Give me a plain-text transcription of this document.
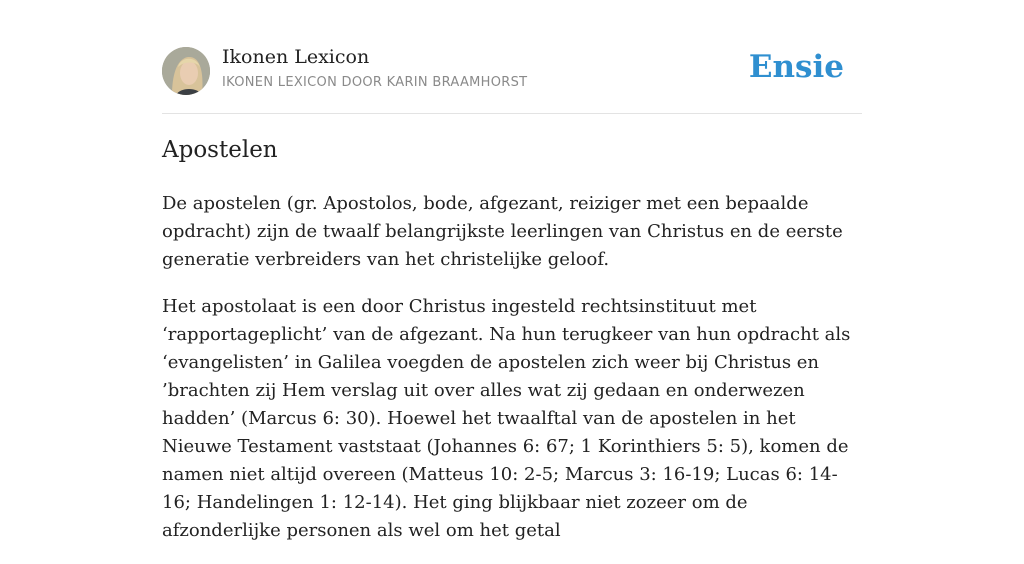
Ikonen Lexicon
IKONEN LEXICON DOOR KARIN BRAAMHORST	Ensie
Apostelen

De apostelen (gr. Apostolos, bode, afgezant, reiziger met een bepaalde opdracht) zijn de twaalf belangrijkste leerlingen van Christus en de eerste generatie verbreiders van het christelijke geloof.

Het apostolaat is een door Christus ingesteld rechtsinstituut met ‘rapportageplicht’ van de afgezant. Na hun terugkeer van hun opdracht als ‘evangelisten’ in Galilea voegden de apostelen zich weer bij Christus en ’brachten zij Hem verslag uit over alles wat zij gedaan en onderwezen hadden’ (Marcus 6: 30). Hoewel het twaalftal van de apostelen in het Nieuwe Testament vaststaat (Johannes 6: 67; 1 Korinthiers 5: 5), komen de namen niet altijd overeen (Matteus 10: 2-5; Marcus 3: 16-19; Lucas 6: 14-16; Handelingen 1: 12-14). Het ging blijkbaar niet zozeer om de afzonderlijke personen als wel om het getal
